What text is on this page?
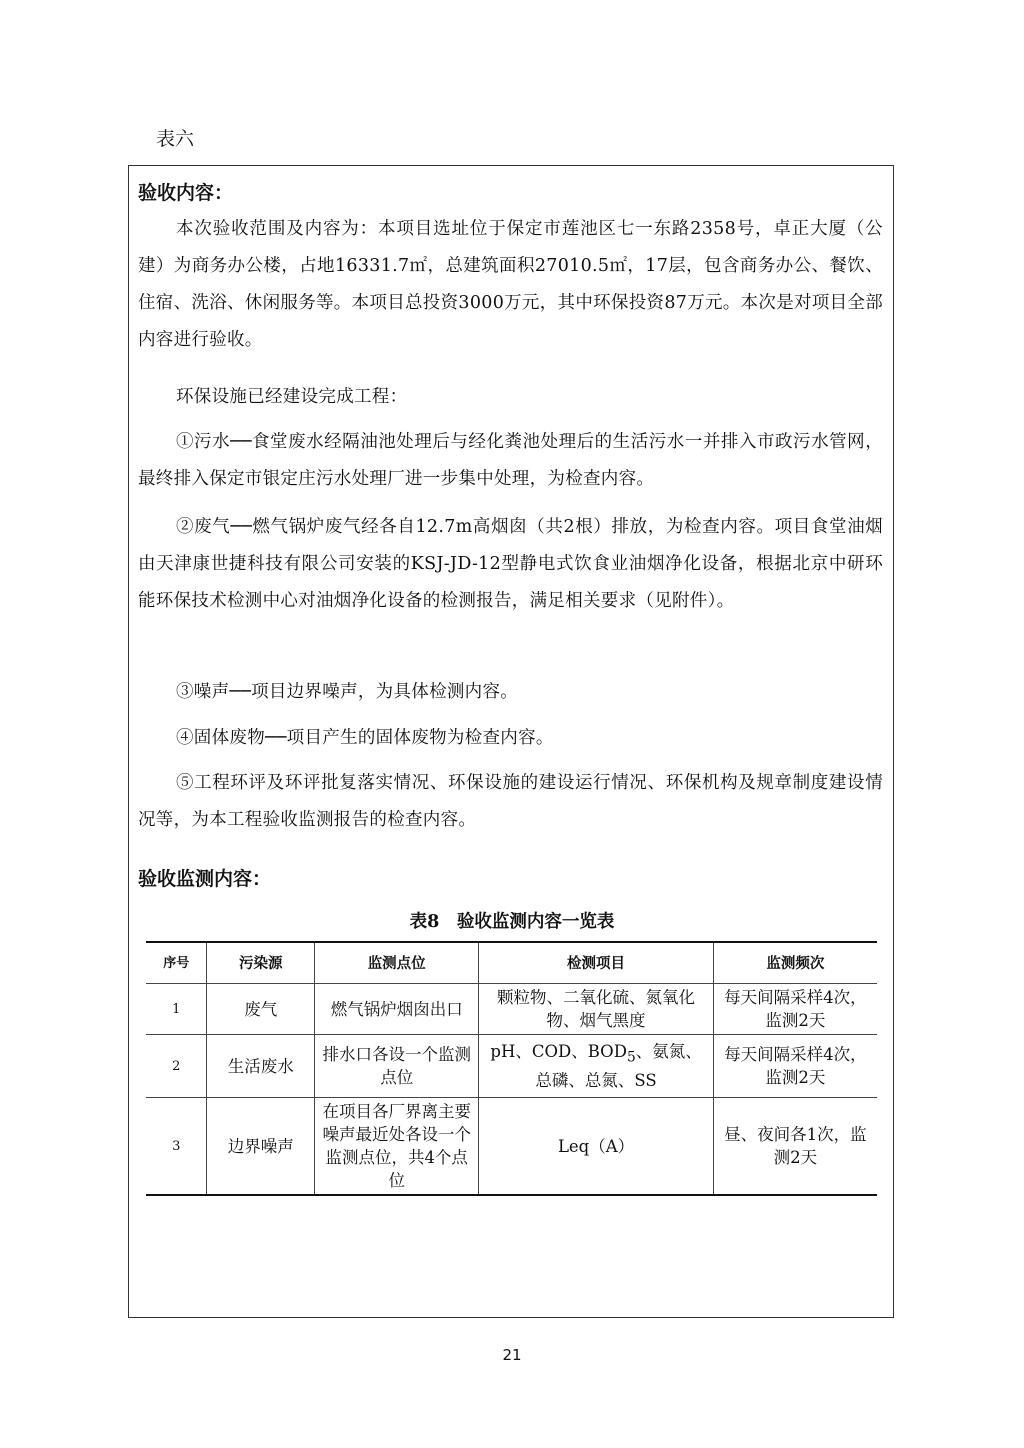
表六
验收内容：

本次验收范围及内容为：本项目选址位于保定市莲池区七一东路2358号，卓正大厦（公建）为商务办公楼，占地16331.7㎡，总建筑面积27010.5㎡，17层，包含商务办公、餐饮、住宿、洗浴、休闲服务等。本项目总投资3000万元，其中环保投资87万元。本次是对项目全部内容进行验收。

环保设施已经建设完成工程：

①污水──食堂废水经隔油池处理后与经化粪池处理后的生活污水一并排入市政污水管网，最终排入保定市银定庄污水处理厂进一步集中处理，为检查内容。

②废气──燃气锅炉废气经各自12.7m高烟囱（共2根）排放，为检查内容。项目食堂油烟由天津康世捷科技有限公司安装的KSJ-JD-12型静电式饮食业油烟净化设备，根据北京中研环能环保技术检测中心对油烟净化设备的检测报告，满足相关要求（见附件）。

③噪声──项目边界噪声，为具体检测内容。

④固体废物──项目产生的固体废物为检查内容。

⑤工程环评及环评批复落实情况、环保设施的建设运行情况、环保机构及规章制度建设情况等，为本工程验收监测报告的检查内容。

验收监测内容：
表8　验收监测内容一览表
序号	污染源	监测点位	检测项目	监测频次
1	废气	燃气锅炉烟囱出口	颗粒物、二氧化硫、氮氧化物、烟气黑度	每天间隔采样4次，监测2天
2	生活废水	排水口各设一个监测点位	pH、COD、$BOD_5$、氨氮、总磷、总氮、SS	每天间隔采样4次，监测2天
3	边界噪声	在项目各厂界离主要噪声最近处各设一个监测点位，共4个点位	Leq（A）	昼、夜间各1次，监测2天
21
